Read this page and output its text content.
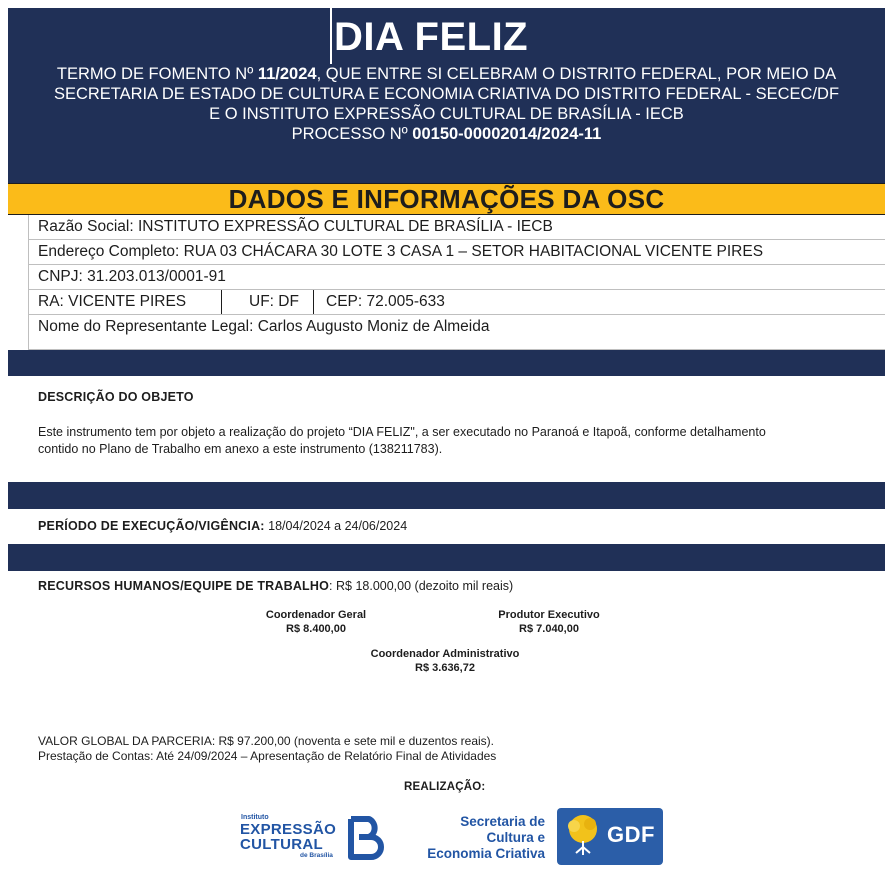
DIA FELIZ
TERMO DE FOMENTO Nº 11/2024, QUE ENTRE SI CELEBRAM O DISTRITO FEDERAL, POR MEIO DA
SECRETARIA DE ESTADO DE CULTURA E ECONOMIA CRIATIVA DO DISTRITO FEDERAL - SECEC/DF
E O INSTITUTO EXPRESSÃO CULTURAL DE BRASÍLIA - IECB
PROCESSO Nº 00150-00002014/2024-11
DADOS E INFORMAÇÕES DA OSC
Razão Social: INSTITUTO EXPRESSÃO CULTURAL DE BRASÍLIA - IECB
Endereço Completo: RUA 03 CHÁCARA 30 LOTE 3 CASA 1 – SETOR HABITACIONAL VICENTE PIRES
CNPJ: 31.203.013/0001-91
RA: VICENTE PIRES	UF: DF CEP: 72.005-633
Nome do Representante Legal: Carlos Augusto Moniz de Almeida
DESCRIÇÃO DO OBJETO
Este instrumento tem por objeto a realização do projeto “DIA FELIZ", a ser executado no Paranoá e Itapoã, conforme detalhamento
contido no Plano de Trabalho em anexo a este instrumento (138211783).
PERÍODO DE EXECUÇÃO/VIGÊNCIA: 18/04/2024 a 24/06/2024
RECURSOS HUMANOS/EQUIPE DE TRABALHO: R$ 18.000,00 (dezoito mil reais)
Coordenador Geral
R$ 8.400,00
Produtor Executivo
R$ 7.040,00
Coordenador Administrativo
R$ 3.636,72
VALOR GLOBAL DA PARCERIA: R$ 97.200,00 (noventa e sete mil e duzentos reais).
Prestação de Contas: Até 24/09/2024 – Apresentação de Relatório Final de Atividades
REALIZAÇÃO:
Instituto
EXPRESSÃO
CULTURAL
de Brasília
Secretaria de
Cultura e
Economia Criativa
GDF
